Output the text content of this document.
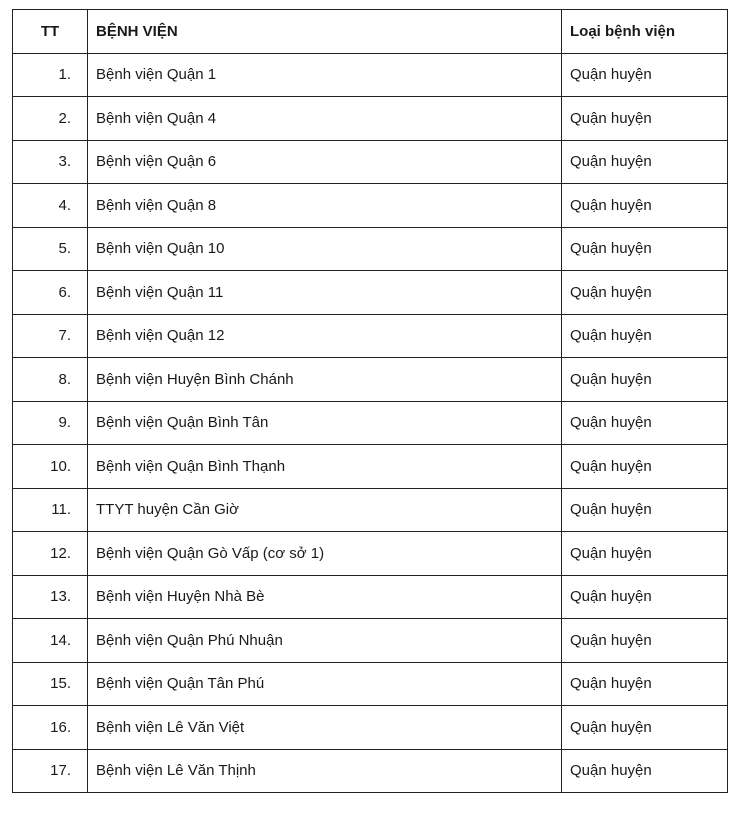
TT	BỆNH VIỆN	Loại bệnh viện
1.	Bệnh viện Quận 1	Quận huyện
2.	Bệnh viện Quận 4	Quận huyện
3.	Bệnh viện Quận 6	Quận huyện
4.	Bệnh viện Quận 8	Quận huyện
5.	Bệnh viện Quận 10	Quận huyện
6.	Bệnh viện Quận 11	Quận huyện
7.	Bệnh viện Quận 12	Quận huyện
8.	Bệnh viện Huyện Bình Chánh	Quận huyện
9.	Bệnh viện Quận Bình Tân	Quận huyện
10.	Bệnh viện Quận Bình Thạnh	Quận huyện
11.	TTYT huyện Cần Giờ	Quận huyện
12.	Bệnh viện Quận Gò Vấp (cơ sở 1)	Quận huyện
13.	Bệnh viện Huyện Nhà Bè	Quận huyện
14.	Bệnh viện Quận Phú Nhuận	Quận huyện
15.	Bệnh viện Quận Tân Phú	Quận huyện
16.	Bệnh viện Lê Văn Việt	Quận huyện
17.	Bệnh viện Lê Văn Thịnh	Quận huyện
